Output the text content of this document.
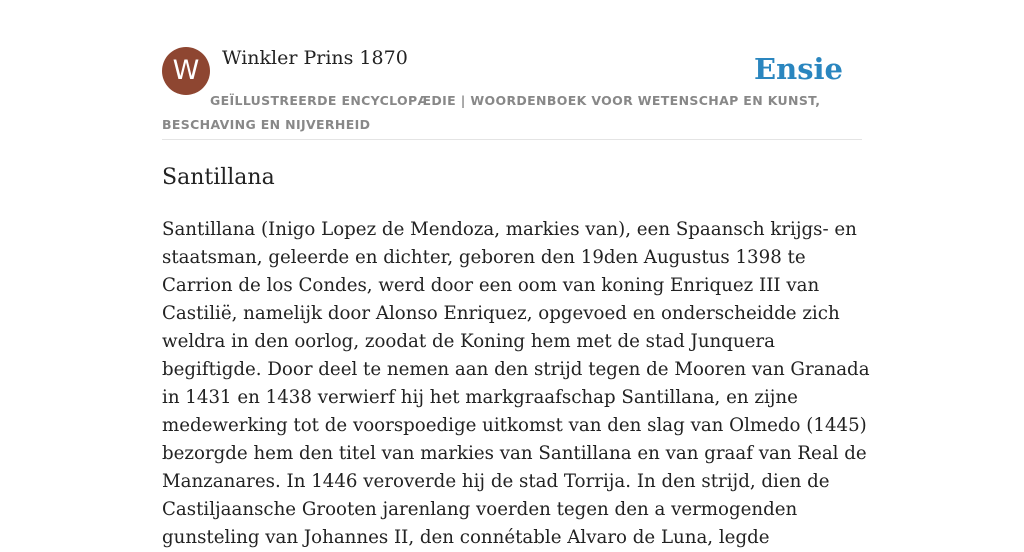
W	Winkler Prins 1870	Ensie
GEÏLLUSTREERDE ENCYCLOPÆDIE | WOORDENBOEK VOOR WETENSCHAP EN KUNST, BESCHAVING EN NIJVERHEID
Santillana

Santillana (Inigo Lopez de Mendoza, markies van), een Spaansch krijgs- en staatsman, geleerde en dichter, geboren den 19den Augustus 1398 te Carrion de los Condes, werd door een oom van koning Enriquez III van Castilië, namelijk door Alonso Enriquez, opgevoed en onderscheidde zich weldra in den oorlog, zoodat de Koning hem met de stad Junquera begiftigde. Door deel te nemen aan den strijd tegen de Mooren van Granada in 1431 en 1438 verwierf hij het markgraafschap Santillana, en zijne medewerking tot de voorspoedige uitkomst van den slag van Olmedo (1445) bezorgde hem den titel van markies van Santillana en van graaf van Real de Manzanares. In 1446 veroverde hij de stad Torrija. In den strijd, dien de Castiljaansche Grooten jarenlang voerden tegen den a vermogenden gunsteling van Johannes II, den connétable Alvaro de Luna, legde
